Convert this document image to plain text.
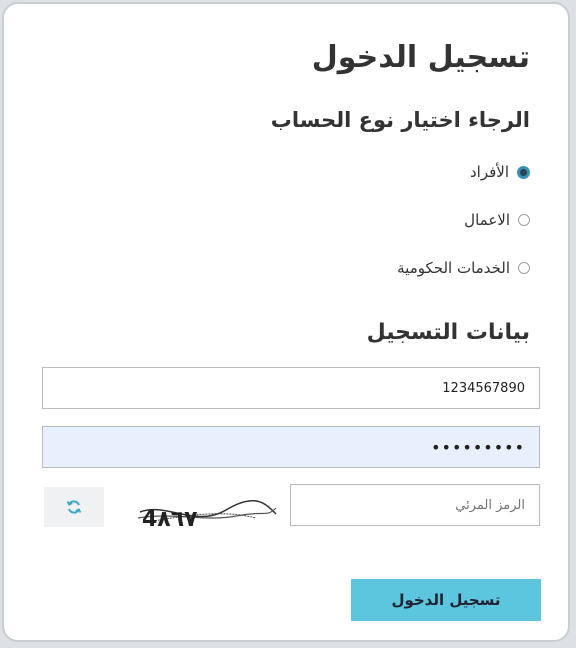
تسجيل الدخول
الرجاء اختيار نوع الحساب
الأفراد
الاعمال
الخدمات الحكومية
بيانات التسجيل
1234567890
•••••••••
الرمز المرئي
4٨٦٧
تسجيل الدخول
